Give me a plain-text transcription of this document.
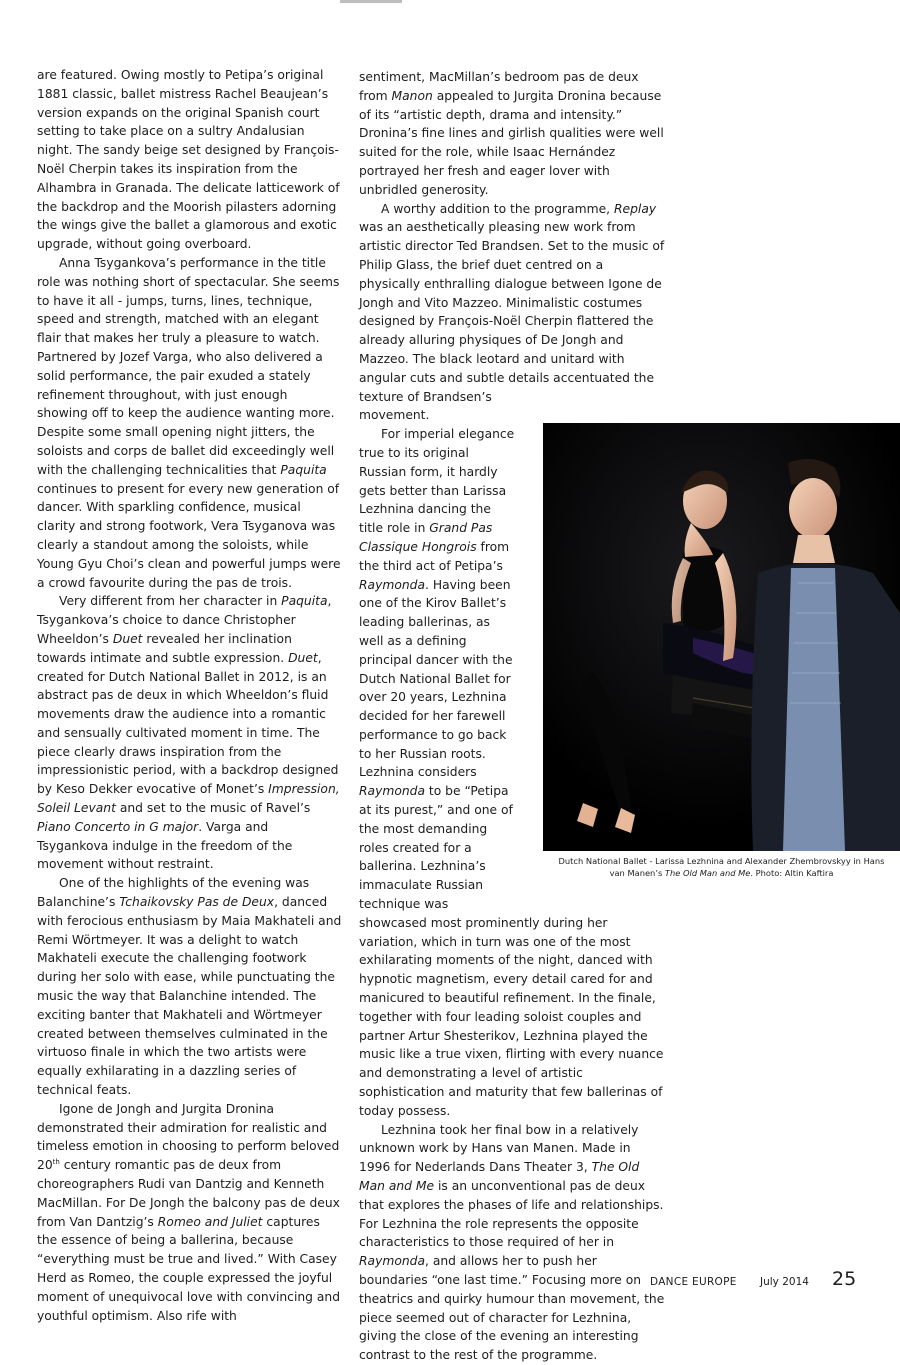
are featured. Owing mostly to Petipa’s original 1881 classic, ballet mistress Rachel Beaujean’s version expands on the original Spanish court setting to take place on a sultry Andalusian night. The sandy beige set designed by François-Noël Cherpin takes its inspiration from the Alhambra in Granada. The delicate latticework of the backdrop and the Moorish pilasters adorning the wings give the ballet a glamorous and exotic upgrade, without going overboard.

Anna Tsygankova’s performance in the title role was nothing short of spectacular. She seems to have it all - jumps, turns, lines, technique, speed and strength, matched with an elegant flair that makes her truly a pleasure to watch. Partnered by Jozef Varga, who also delivered a solid performance, the pair exuded a stately refinement throughout, with just enough showing off to keep the audience wanting more. Despite some small opening night jitters, the soloists and corps de ballet did exceedingly well with the challenging technicalities that Paquita continues to present for every new generation of dancer. With sparkling confidence, musical clarity and strong footwork, Vera Tsyganova was clearly a standout among the soloists, while Young Gyu Choi’s clean and powerful jumps were a crowd favourite during the pas de trois.

Very different from her character in Paquita, Tsygankova’s choice to dance Christopher Wheeldon’s Duet revealed her inclination towards intimate and subtle expression. Duet, created for Dutch National Ballet in 2012, is an abstract pas de deux in which Wheeldon’s fluid movements draw the audience into a romantic and sensually cultivated moment in time. The piece clearly draws inspiration from the impressionistic period, with a backdrop designed by Keso Dekker evocative of Monet’s Impression, Soleil Levant and set to the music of Ravel’s Piano Concerto in G major. Varga and Tsygankova indulge in the freedom of the movement without restraint.

One of the highlights of the evening was Balanchine’s Tchaikovsky Pas de Deux, danced with ferocious enthusiasm by Maia Makhateli and Remi Wörtmeyer. It was a delight to watch Makhateli execute the challenging footwork during her solo with ease, while punctuating the music the way that Balanchine intended. The exciting banter that Makhateli and Wörtmeyer created between themselves culminated in the virtuoso finale in which the two artists were equally exhilarating in a dazzling series of technical feats.

Igone de Jongh and Jurgita Dronina demonstrated their admiration for realistic and timeless emotion in choosing to perform beloved 20th century romantic pas de deux from choreographers Rudi van Dantzig and Kenneth MacMillan. For De Jongh the balcony pas de deux from Van Dantzig’s Romeo and Juliet captures the essence of being a ballerina, because “everything must be true and lived.” With Casey Herd as Romeo, the couple expressed the joyful moment of unequivocal love with convincing and youthful optimism. Also rife with

sentiment, MacMillan’s bedroom pas de deux from Manon appealed to Jurgita Dronina because of its “artistic depth, drama and intensity.” Dronina’s fine lines and girlish qualities were well suited for the role, while Isaac Hernández portrayed her fresh and eager lover with unbridled generosity.

A worthy addition to the programme, Replay was an aesthetically pleasing new work from artistic director Ted Brandsen. Set to the music of Philip Glass, the brief duet centred on a physically enthralling dialogue between Igone de Jongh and Vito Mazzeo. Minimalistic costumes designed by François-Noël Cherpin flattered the already alluring physiques of De Jongh and Mazzeo. The black leotard and unitard with angular cuts and subtle details accentuated the texture of Brandsen’s movement.

For imperial elegance true to its original Russian form, it hardly gets better than Larissa Lezhnina dancing the title role in Grand Pas Classique Hongrois from the third act of Petipa’s Raymonda. Having been one of the Kirov Ballet’s leading ballerinas, as well as a defining principal dancer with the Dutch National Ballet for over 20 years, Lezhnina decided for her farewell performance to go back to her Russian roots. Lezhnina considers Raymonda to be “Petipa at its purest,” and one of the most demanding roles created for a ballerina. Lezhnina’s immaculate Russian technique was showcased most prominently during her variation, which in turn was one of the most exhilarating moments of the night, danced with hypnotic magnetism, every detail cared for and manicured to beautiful refinement. In the finale, together with four leading soloist couples and partner Artur Shesterikov, Lezhnina played the music like a true vixen, flirting with every nuance and demonstrating a level of artistic sophistication and maturity that few ballerinas of today possess.

Lezhnina took her final bow in a relatively unknown work by Hans van Manen. Made in 1996 for Nederlands Dans Theater 3, The Old Man and Me is an unconventional pas de deux that explores the phases of life and relationships. For Lezhnina the role represents the opposite characteristics to those required of her in Raymonda, and allows her to push her boundaries “one last time.” Focusing more on theatrics and quirky humour than movement, the piece seemed out of character for Lezhnina, giving the close of the evening an interesting contrast to the rest of the programme.

Dutch National Ballet - Larissa Lezhnina and Alexander Zhembrovskyy in Hans
van Manen’s The Old Man and Me. Photo: Altin Kaftira
DANCE EUROPE July 2014 25
